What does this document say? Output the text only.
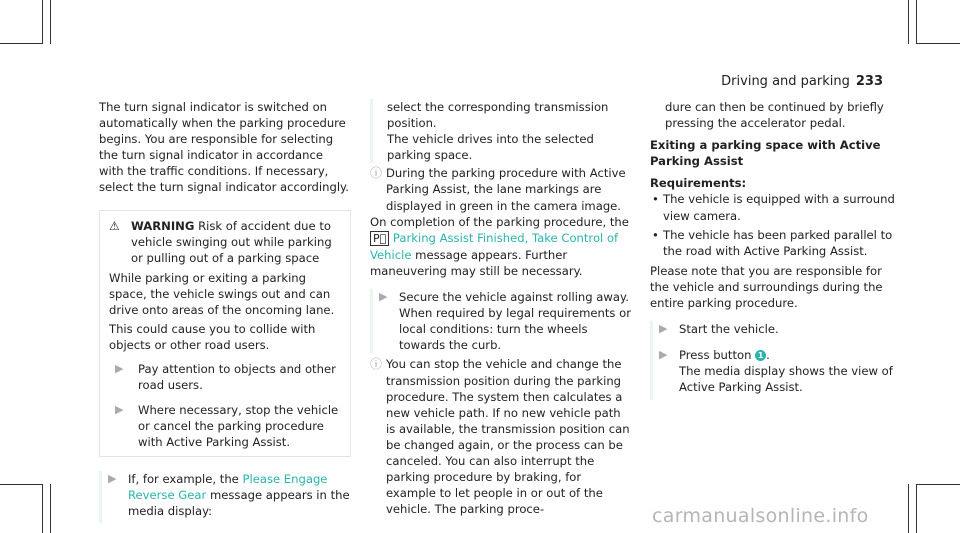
Driving and parking 233

The turn signal indicator is switched on automatically when the parking procedure begins. You are responsible for selecting the turn signal indicator in accordance with the traffic conditions. If necessary, select the turn signal indicator accordingly.

⚠ WARNING Risk of accident due to vehicle swinging out while parking or pulling out of a parking space

While parking or exiting a parking space, the vehicle swings out and can drive onto areas of the oncoming lane.

This could cause you to collide with objects or other road users.

▶ Pay attention to objects and other road users.

▶ Where necessary, stop the vehicle or cancel the parking procedure with Active Parking Assist.

▶ If, for example, the Please Engage Reverse Gear message appears in the media display:

select the corresponding transmission position.

The vehicle drives into the selected parking space.

ⓘ During the parking procedure with Active Parking Assist, the lane markings are displayed in green in the camera image.

On completion of the parking procedure, the
P⃥ Parking Assist Finished, Take Control of Vehicle message appears. Further maneuvering may still be necessary.

▶ Secure the vehicle against rolling away.
When required by legal requirements or local conditions: turn the wheels towards the curb.

ⓘ You can stop the vehicle and change the transmission position during the parking procedure. The system then calculates a new vehicle path. If no new vehicle path is available, the transmission position can be changed again, or the process can be canceled. You can also interrupt the parking procedure by braking, for example to let people in or out of the vehicle. The parking proce-

dure can then be continued by briefly pressing the accelerator pedal.

Exiting a parking space with Active Parking Assist

Requirements:

• The vehicle is equipped with a surround view camera.

• The vehicle has been parked parallel to the road with Active Parking Assist.

Please note that you are responsible for the vehicle and surroundings during the entire parking procedure.

▶ Start the vehicle.

▶ Press button 1 .
The media display shows the view of Active Parking Assist.

carmanualsonline.info
